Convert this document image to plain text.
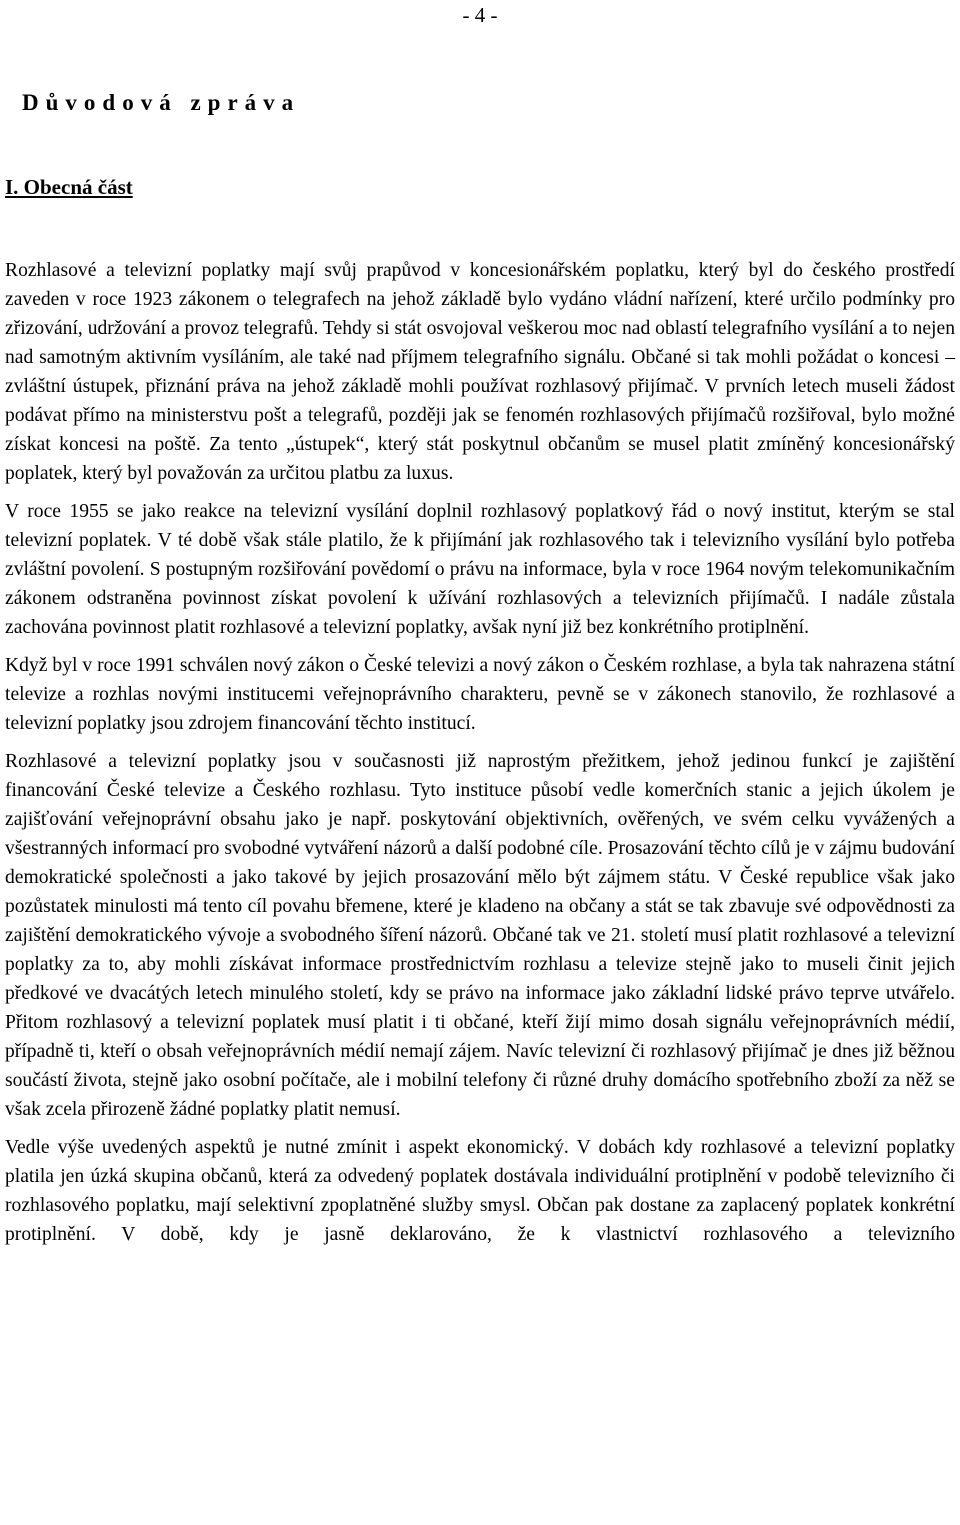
- 4 -
Důvodová zpráva
I. Obecná část

Rozhlasové a televizní poplatky mají svůj prapůvod v koncesionářském poplatku, který byl do českého prostředí zaveden v roce 1923 zákonem o telegrafech na jehož základě bylo vydáno vládní nařízení, které určilo podmínky pro zřizování, udržování a provoz telegrafů. Tehdy si stát osvojoval veškerou moc nad oblastí telegrafního vysílání a to nejen nad samotným aktivním vysíláním, ale také nad příjmem telegrafního signálu. Občané si tak mohli požádat o koncesi – zvláštní ústupek, přiznání práva na jehož základě mohli používat rozhlasový přijímač. V prvních letech museli žádost podávat přímo na ministerstvu pošt a telegrafů, později jak se fenomén rozhlasových přijímačů rozšiřoval, bylo možné získat koncesi na poště. Za tento „ústupek“, který stát poskytnul občanům se musel platit zmíněný koncesionářský poplatek, který byl považován za určitou platbu za luxus.

V roce 1955 se jako reakce na televizní vysílání doplnil rozhlasový poplatkový řád o nový institut, kterým se stal televizní poplatek. V té době však stále platilo, že k přijímání jak rozhlasového tak i televizního vysílání bylo potřeba zvláštní povolení. S postupným rozšiřování povědomí o právu na informace, byla v roce 1964 novým telekomunikačním zákonem odstraněna povinnost získat povolení k užívání rozhlasových a televizních přijímačů. I nadále zůstala zachována povinnost platit rozhlasové a televizní poplatky, avšak nyní již bez konkrétního protiplnění.

Když byl v roce 1991 schválen nový zákon o České televizi a nový zákon o Českém rozhlase, a byla tak nahrazena státní televize a rozhlas novými institucemi veřejnoprávního charakteru, pevně se v zákonech stanovilo, že rozhlasové a televizní poplatky jsou zdrojem financování těchto institucí.

Rozhlasové a televizní poplatky jsou v současnosti již naprostým přežitkem, jehož jedinou funkcí je zajištění financování České televize a Českého rozhlasu. Tyto instituce působí vedle komerčních stanic a jejich úkolem je zajišťování veřejnoprávní obsahu jako je např. poskytování objektivních, ověřených, ve svém celku vyvážených a všestranných informací pro svobodné vytváření názorů a další podobné cíle. Prosazování těchto cílů je v zájmu budování demokratické společnosti a jako takové by jejich prosazování mělo být zájmem státu. V České republice však jako pozůstatek minulosti má tento cíl povahu břemene, které je kladeno na občany a stát se tak zbavuje své odpovědnosti za zajištění demokratického vývoje a svobodného šíření názorů. Občané tak ve 21. století musí platit rozhlasové a televizní poplatky za to, aby mohli získávat informace prostřednictvím rozhlasu a televize stejně jako to museli činit jejich předkové ve dvacátých letech minulého století, kdy se právo na informace jako základní lidské právo teprve utvářelo. Přitom rozhlasový a televizní poplatek musí platit i ti občané, kteří žijí mimo dosah signálu veřejnoprávních médií, případně ti, kteří o obsah veřejnoprávních médií nemají zájem. Navíc televizní či rozhlasový přijímač je dnes již běžnou součástí života, stejně jako osobní počítače, ale i mobilní telefony či různé druhy domácího spotřebního zboží za něž se však zcela přirozeně žádné poplatky platit nemusí.

Vedle výše uvedených aspektů je nutné zmínit i aspekt ekonomický. V dobách kdy rozhlasové a televizní poplatky platila jen úzká skupina občanů, která za odvedený poplatek dostávala individuální protiplnění v podobě televizního či rozhlasového poplatku, mají selektivní zpoplatněné služby smysl. Občan pak dostane za zaplacený poplatek konkrétní protiplnění. V době, kdy je jasně deklarováno, že k vlastnictví rozhlasového a televizního
